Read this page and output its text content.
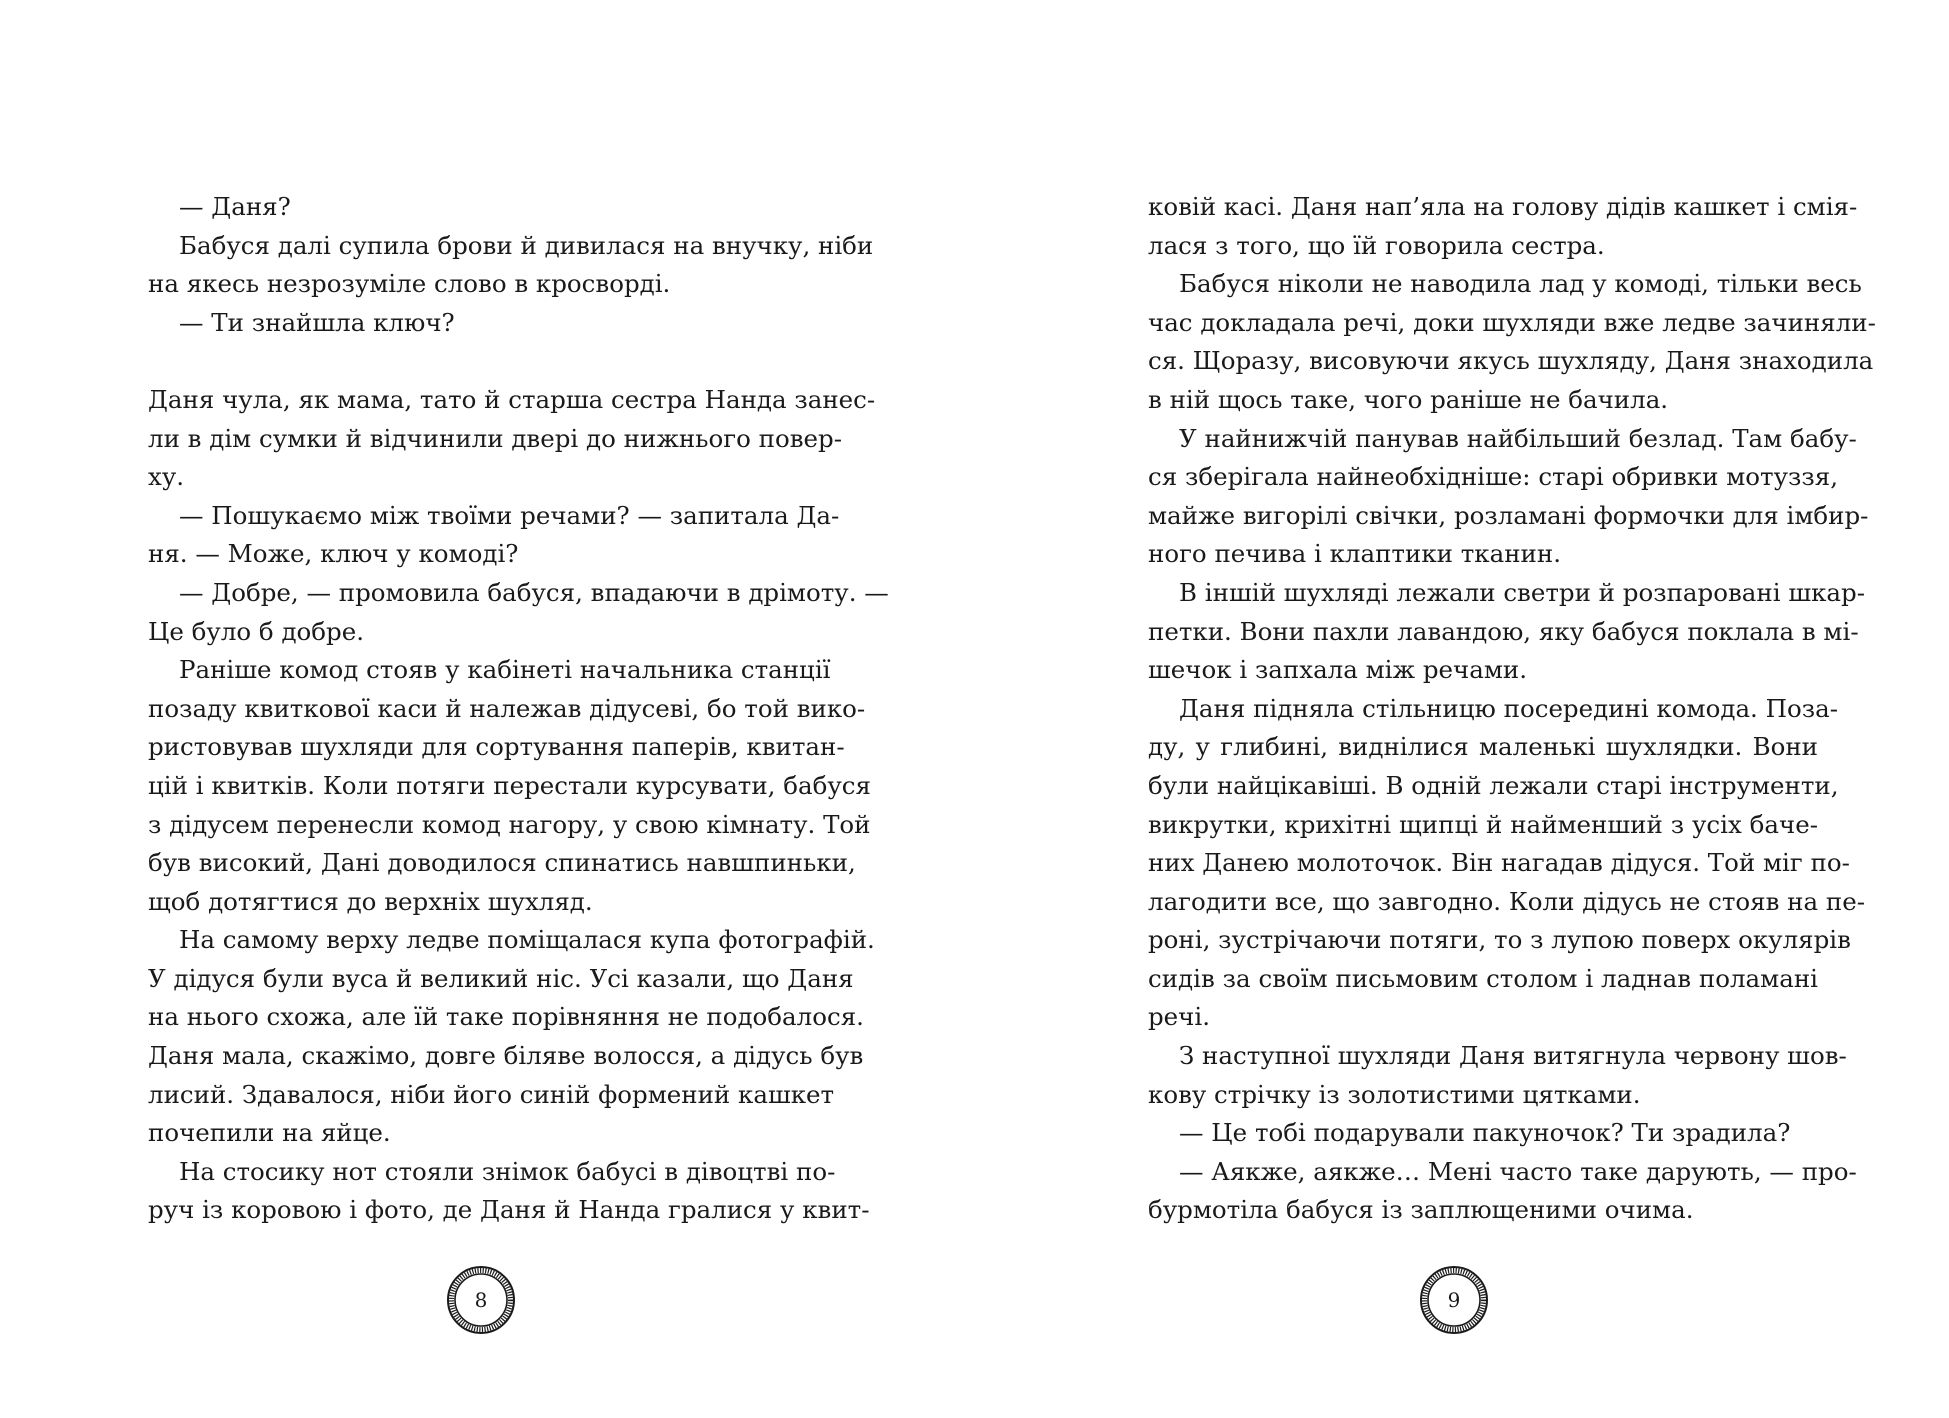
— Даня?
Бабуся далі супила брови й дивилася на внучку, ніби
на якесь незрозуміле слово в кросворді.
— Ти знайшла ключ?
Даня чула, як мама, тато й старша сестра Нанда занес-
ли в дім сумки й відчинили двері до нижнього повер-
ху.
— Пошукаємо між твоїми речами? — запитала Да-
ня. — Може, ключ у комоді?
— Добре, — промовила бабуся, впадаючи в дрімоту. —
Це було б добре.
Раніше комод стояв у кабінеті начальника станції
позаду квиткової каси й належав дідусеві, бо той вико-
ристовував шухляди для сортування паперів, квитан-
цій і квитків. Коли потяги перестали курсувати, бабуся
з дідусем перенесли комод нагору, у свою кімнату. Той
був високий, Дані доводилося спинатись навшпиньки,
щоб дотягтися до верхніх шухляд.
На самому верху ледве поміщалася купа фотографій.
У дідуся були вуса й великий ніс. Усі казали, що Даня
на нього схожа, але їй таке порівняння не подобалося.
Даня мала, скажімо, довге біляве волосся, а дідусь був
лисий. Здавалося, ніби його синій формений кашкет
почепили на яйце.
На стосику нот стояли знімок бабусі в дівоцтві по-
руч із коровою і фото, де Даня й Нанда гралися у квит-
8
ковій касі. Даня нап’яла на голову дідів кашкет і смія-
лася з того, що їй говорила сестра.
Бабуся ніколи не наводила лад у комоді, тільки весь
час докладала речі, доки шухляди вже ледве зачиняли-
ся. Щоразу, висовуючи якусь шухляду, Даня знаходила
в ній щось таке, чого раніше не бачила.
У найнижчій панував найбільший безлад. Там бабу-
ся зберігала найнеобхідніше: старі обривки мотуззя,
майже вигорілі свічки, розламані формочки для імбир-
ного печива і клаптики тканин.
В іншій шухляді лежали светри й розпаровані шкар-
петки. Вони пахли лавандою, яку бабуся поклала в мі-
шечок і запхала між речами.
Даня підняла стільницю посередині комода. Поза-
ду, у глибині, виднілися маленькі шухлядки. Вони
були найцікавіші. В одній лежали старі інструменти,
викрутки, крихітні щипці й найменший з усіх баче-
них Данею молоточок. Він нагадав дідуся. Той міг по-
лагодити все, що завгодно. Коли дідусь не стояв на пе-
роні, зустрічаючи потяги, то з лупою поверх окулярів
сидів за своїм письмовим столом і ладнав поламані
речі.
З наступної шухляди Даня витягнула червону шов-
кову стрічку із золотистими цятками.
— Це тобі подарували пакуночок? Ти зрадила?
— Аякже, аякже… Мені часто таке дарують, — про-
бурмотіла бабуся із заплющеними очима.
9
